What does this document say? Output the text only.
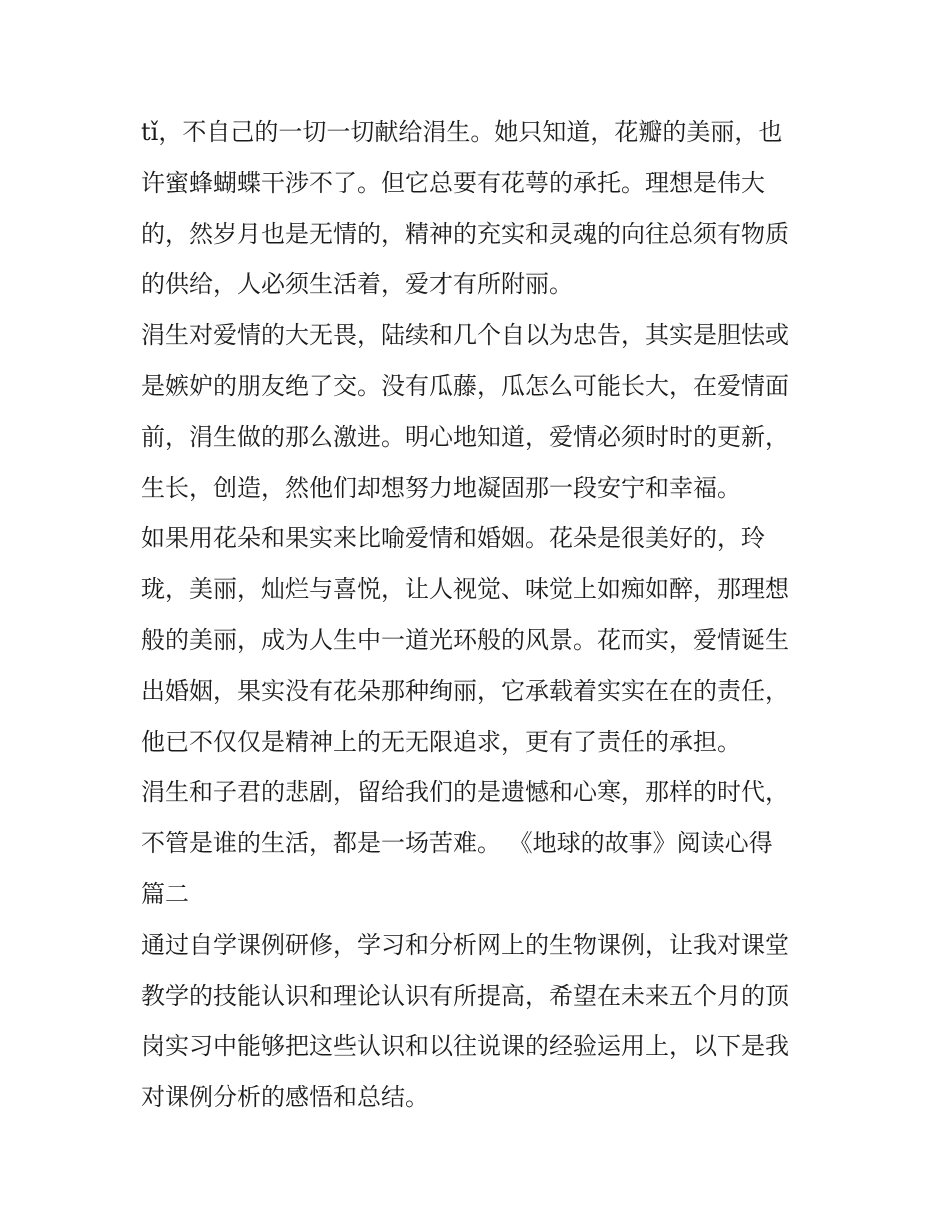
tǐ，不自己的一切一切献给涓生。她只知道，花瓣的美丽，也
许蜜蜂蝴蝶干涉不了。但它总要有花萼的承托。理想是伟大
的，然岁月也是无情的，精神的充实和灵魂的向往总须有物质
的供给，人必须生活着，爱才有所附丽。
涓生对爱情的大无畏，陆续和几个自以为忠告，其实是胆怯或
是嫉妒的朋友绝了交。没有瓜藤，瓜怎么可能长大，在爱情面
前，涓生做的那么激进。明心地知道，爱情必须时时的更新，
生长，创造，然他们却想努力地凝固那一段安宁和幸福。
如果用花朵和果实来比喻爱情和婚姻。花朵是很美好的，玲
珑，美丽，灿烂与喜悦，让人视觉、味觉上如痴如醉，那理想
般的美丽，成为人生中一道光环般的风景。花而实，爱情诞生
出婚姻，果实没有花朵那种绚丽，它承载着实实在在的责任，
他已不仅仅是精神上的无无限追求，更有了责任的承担。
涓生和子君的悲剧，留给我们的是遗憾和心寒，那样的时代，
不管是谁的生活，都是一场苦难。 《地球的故事》阅读心得
篇二
通过自学课例研修，学习和分析网上的生物课例，让我对课堂
教学的技能认识和理论认识有所提高，希望在未来五个月的顶
岗实习中能够把这些认识和以往说课的经验运用上，以下是我
对课例分析的感悟和总结。
